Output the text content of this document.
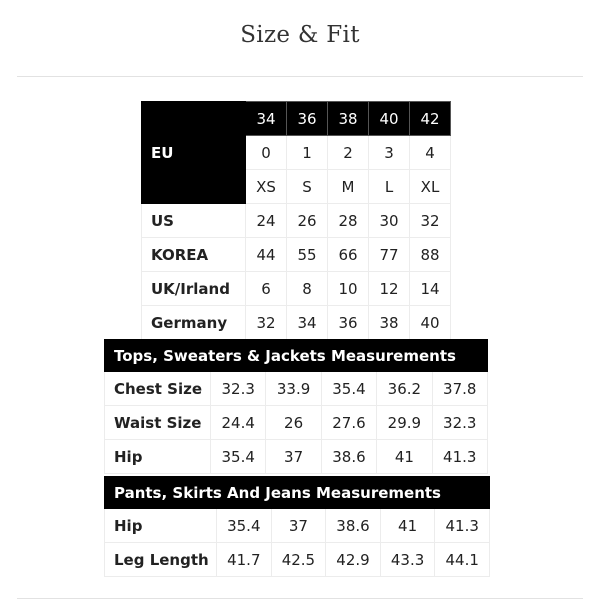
Size & Fit
EU	34	36	38	40	42
	0	1	2	3	4
	XS	S	M	L	XL
US	24	26	28	30	32
KOREA	44	55	66	77	88
UK/Irland	6	8	10	12	14
Germany	32	34	36	38	40
Tops, Sweaters & Jackets Measurements					
Chest Size	32.3	33.9	35.4	36.2	37.8
Waist Size	24.4	26	27.6	29.9	32.3
Hip	35.4	37	38.6	41	41.3
Pants, Skirts And Jeans Measurements					
Hip	35.4	37	38.6	41	41.3
Leg Length	41.7	42.5	42.9	43.3	44.1
